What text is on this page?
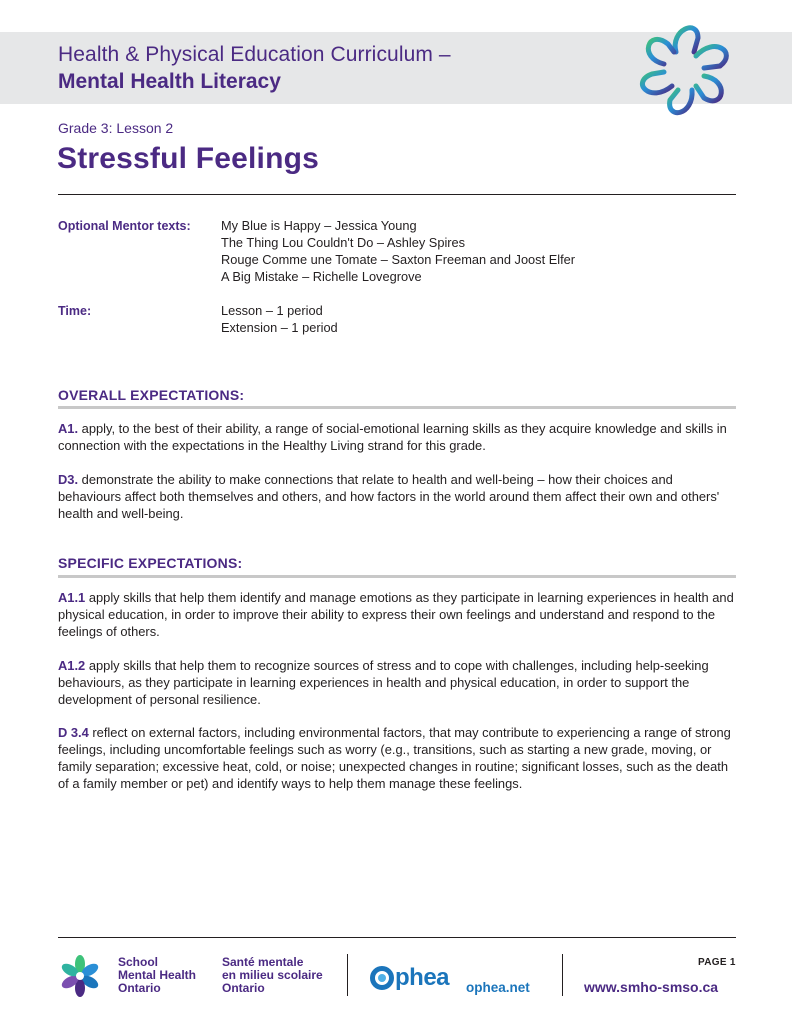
Health & Physical Education Curriculum –
Mental Health Literacy
Grade 3: Lesson 2
Stressful Feelings
Optional Mentor texts: My Blue is Happy – Jessica Young
The Thing Lou Couldn't Do – Ashley Spires
Rouge Comme une Tomate – Saxton Freeman and Joost Elfer
A Big Mistake – Richelle Lovegrove
Time:	Lesson – 1 period
Extension – 1 period
OVERALL EXPECTATIONS:
A1. apply, to the best of their ability, a range of social-emotional learning skills as they acquire knowledge and skills in connection with the expectations in the Healthy Living strand for this grade.
D3. demonstrate the ability to make connections that relate to health and well-being – how their choices and behaviours affect both themselves and others, and how factors in the world around them affect their own and others' health and well-being.
SPECIFIC EXPECTATIONS:
A1.1 apply skills that help them identify and manage emotions as they participate in learning experiences in health and physical education, in order to improve their ability to express their own feelings and understand and respond to the feelings of others.
A1.2 apply skills that help them to recognize sources of stress and to cope with challenges, including help-seeking behaviours, as they participate in learning experiences in health and physical education, in order to support the development of personal resilience.
D 3.4 reflect on external factors, including environmental factors, that may contribute to experiencing a range of strong feelings, including uncomfortable feelings such as worry (e.g., transitions, such as starting a new grade, moving, or family separation; excessive heat, cold, or noise; unexpected changes in routine; significant losses, such as the death of a family member or pet) and identify ways to help them manage these feelings.
School
Mental Health
Ontario
Santé mentale
en milieu scolaire
Ontario	phea ophea.net
PAGE 1
www.smho-smso.ca
